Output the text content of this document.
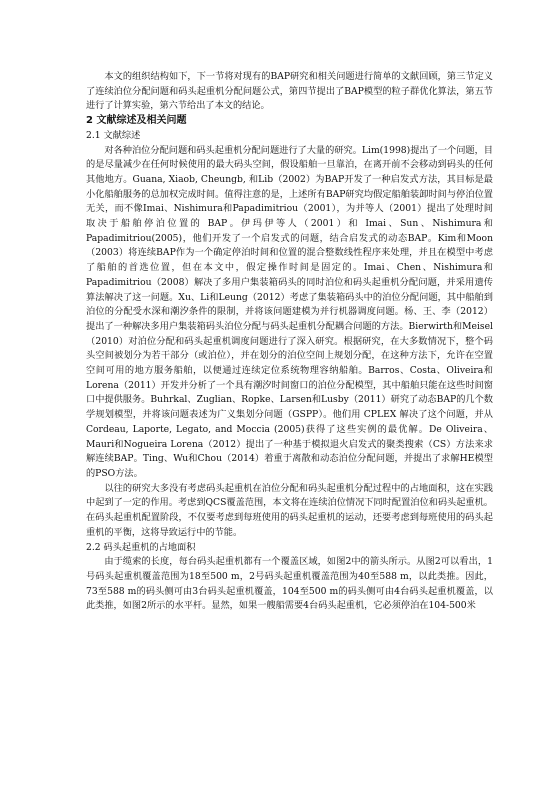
本文的组织结构如下，下一节将对现有的BAP研究和相关问题进行简单的文献回顾，第三节定义了连续泊位分配问题和码头起重机分配问题公式，第四节提出了BAP模型的粒子群优化算法，第五节进行了计算实验，第六节给出了本文的结论。

2 文献综述及相关问题
2.1 文献综述

对各种泊位分配问题和码头起重机分配问题进行了大量的研究。Lim(1998)提出了一个问题，目的是尽量减少在任何时候使用的最大码头空间，假设船舶一旦靠泊，在离开前不会移动到码头的任何其他地方。Guana, Xiaob, Cheungb, 和Lib（2002）为BAP开发了一种启发式方法，其目标是最小化船舶服务的总加权完成时间。值得注意的是，上述所有BAP研究均假定船舶装卸时间与停泊位置无关，而不像Imai、Nishimura和Papadimitriou（2001），为并等人（2001）提出了处理时间取决于船舶停泊位置的 BAP。伊玛伊等人（2001）和 Imai、Sun、Nishimura和Papadimitriou(2005)，他们开发了一个启发式的问题，结合启发式的动态BAP。Kim和Moon（2003）将连续BAP作为一个确定停泊时间和位置的混合整数线性程序来处理，并且在模型中考虑了船舶的首选位置，但在本文中，假定操作时间是固定的。Imai、Chen、Nishimura和Papadimitriou（2008）解决了多用户集装箱码头的同时泊位和码头起重机分配问题，并采用遗传算法解决了这一问题。Xu、Li和Leung（2012）考虑了集装箱码头中的泊位分配问题，其中船舶到泊位的分配受水深和潮汐条件的限制，并将该问题建模为并行机器调度问题。杨、王、李（2012）提出了一种解决多用户集装箱码头泊位分配与码头起重机分配耦合问题的方法。Bierwirth和Meisel（2010）对泊位分配和码头起重机调度问题进行了深入研究。根据研究，在大多数情况下，整个码头空间被划分为若干部分（或泊位），并在划分的泊位空间上规划分配，在这种方法下，允许在空置空间可用的地方服务船舶，以便通过连续定位系统物理容纳船舶。Barros、Costa、Oliveira和Lorena（2011）开发并分析了一个具有潮汐时间窗口的泊位分配模型，其中船舶只能在这些时间窗口中提供服务。Buhrkal、Zuglian、Ropke、Larsen和Lusby（2011）研究了动态BAP的几个数学规划模型，并将该问题表述为广义集划分问题（GSPP）。他们用 CPLEX 解决了这个问题，并从 Cordeau, Laporte, Legato, and Moccia (2005)获得了这些实例的最优解。De Oliveira、Mauri和Nogueira Lorena（2012）提出了一种基于模拟退火启发式的聚类搜索（CS）方法来求解连续BAP。Ting、Wu和Chou（2014）着重于离散和动态泊位分配问题，并提出了求解HE模型的PSO方法。

以往的研究大多没有考虑码头起重机在泊位分配和码头起重机分配过程中的占地面积，这在实践中起到了一定的作用。考虑到QCS覆盖范围，本文将在连续泊位情况下同时配置泊位和码头起重机。在码头起重机配置阶段，不仅要考虑到每班使用的码头起重机的运动，还要考虑到每班使用的码头起重机的平衡，这将导致运行中的节能。

2.2 码头起重机的占地面积

由于缆索的长度，每台码头起重机都有一个覆盖区域，如图2中的箭头所示。从图2可以看出，1号码头起重机覆盖范围为18至500 m，2号码头起重机覆盖范围为40至588 m，以此类推。因此，73至588 m的码头侧可由3台码头起重机覆盖，104至500 m的码头侧可由4台码头起重机覆盖，以此类推，如图2所示的水平杆。显然，如果一艘船需要4台码头起重机，它必须停泊在104-500米
